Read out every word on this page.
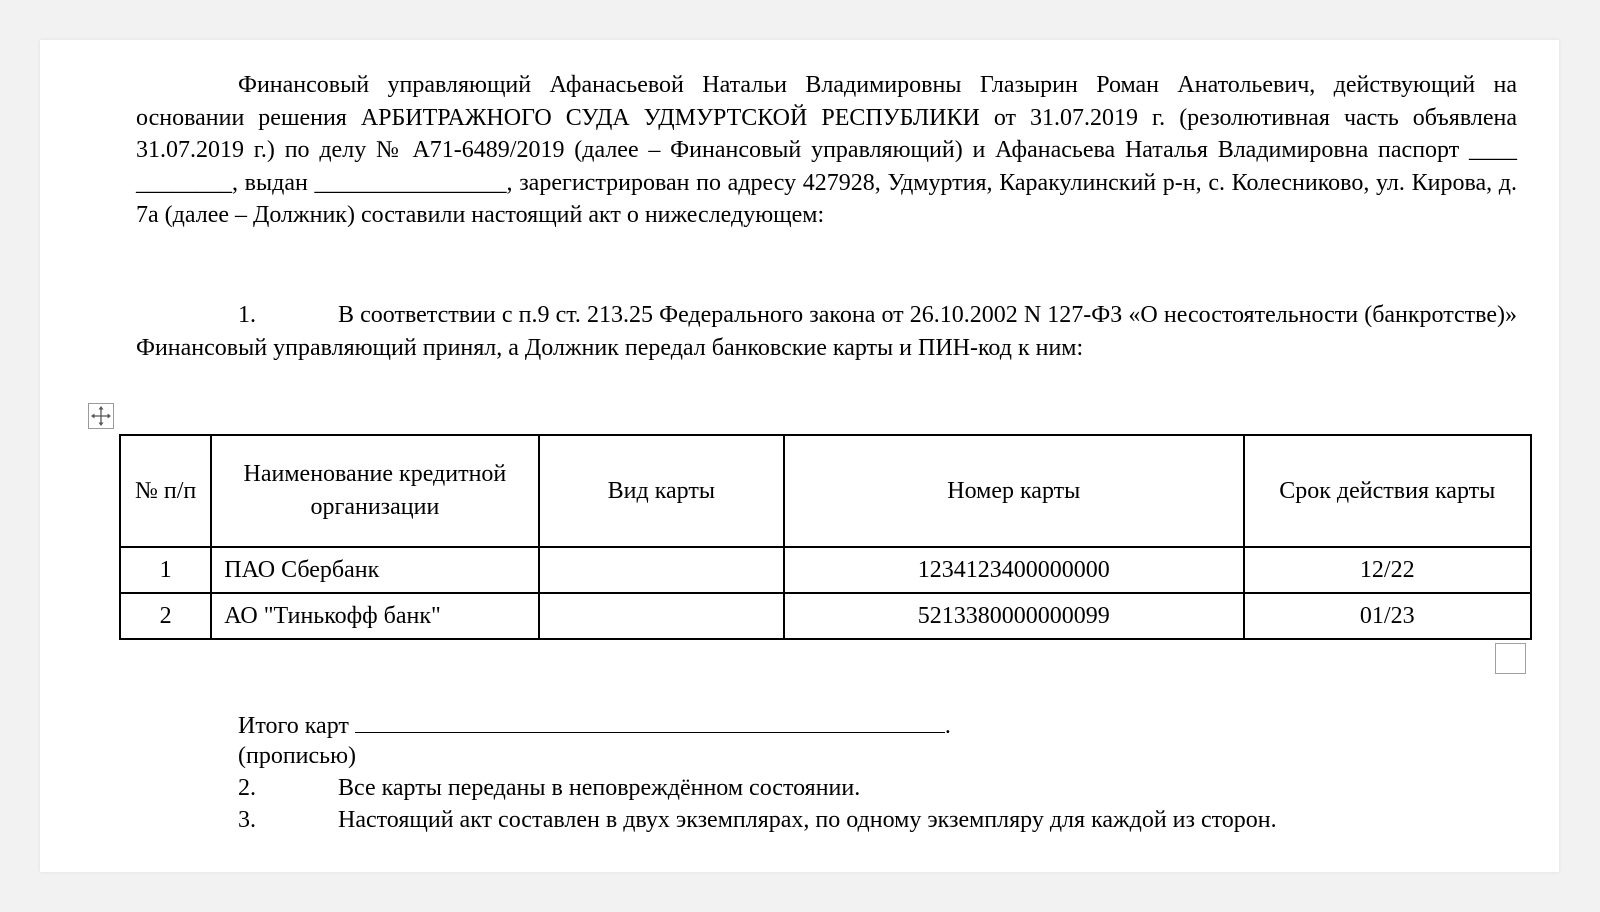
Финансовый управляющий Афанасьевой Натальи Владимировны Глазырин Роман Анатольевич, действующий на основании решения АРБИТРАЖНОГО СУДА УДМУРТСКОЙ РЕСПУБЛИКИ от 31.07.2019 г. (резолютивная часть объявлена 31.07.2019 г.) по делу № А71-6489/2019 (далее – Финансовый управляющий) и Афанасьева Наталья Владимировна паспорт ____ ________, выдан ________________, зарегистрирован по адресу 427928, Удмуртия, Каракулинский р-н, с. Колесниково, ул. Кирова, д. 7а (далее – Должник) составили настоящий акт о нижеследующем:
1.	В соответствии с п.9 ст. 213.25 Федерального закона от 26.10.2002 N 127-ФЗ «О несостоятельности (банкротстве)» Финансовый управляющий принял, а Должник передал банковские карты и ПИН-код к ним:
№ п/п	Наименование кредитной организации	Вид карты	Номер карты	Срок действия карты
1	ПАО Сбербанк		1234123400000000	12/22
2	АО "Тинькофф банк"		5213380000000099	01/23
Итого карт	.
(прописью)
2.	Все карты переданы в неповреждённом состоянии.
3.	Настоящий акт составлен в двух экземплярах, по одному экземпляру для каждой из сторон.
